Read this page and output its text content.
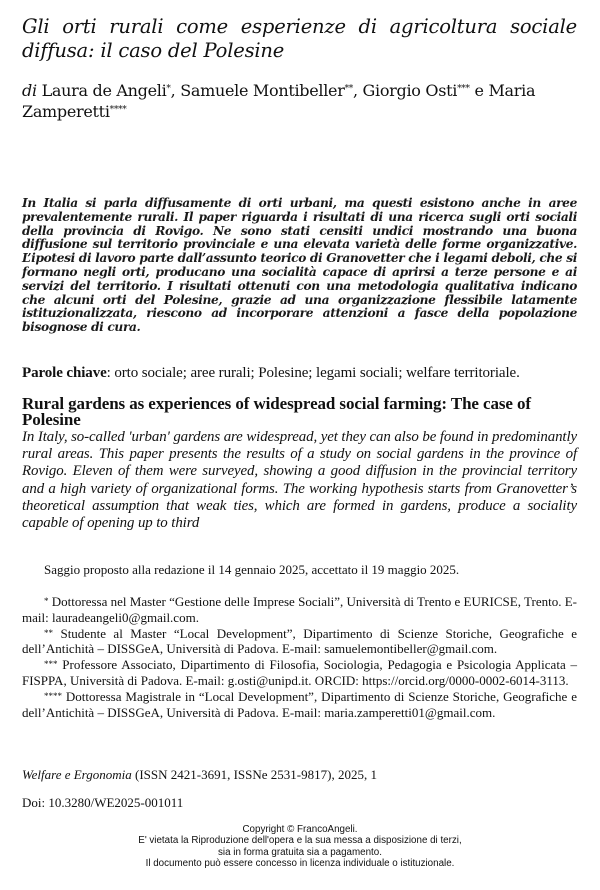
Gli orti rurali come esperienze di agricoltura sociale diffusa: il caso del Polesine
di Laura de Angeli*, Samuele Montibeller**, Giorgio Osti*** e Maria Zamperetti****

In Italia si parla diffusamente di orti urbani, ma questi esistono anche in aree prevalentemente rurali. Il paper riguarda i risultati di una ricerca sugli orti sociali della provincia di Rovigo. Ne sono stati censiti undici mostrando una buona diffusione sul territorio provinciale e una elevata varietà delle forme organizzative. L’ipotesi di lavoro parte dall’assunto teorico di Granovetter che i legami deboli, che si formano negli orti, producano una socialità capace di aprirsi a terze persone e ai servizi del territorio. I risultati ottenuti con una metodologia qualitativa indicano che alcuni orti del Polesine, grazie ad una organizzazione flessibile latamente istituzionalizzata, riescono ad incorporare attenzioni a fasce della popolazione bisognose di cura.

Parole chiave: orto sociale; aree rurali; Polesine; legami sociali; welfare territoriale.
Rural gardens as experiences of widespread social farming: The case of Polesine

In Italy, so-called 'urban' gardens are widespread, yet they can also be found in predominantly rural areas. This paper presents the results of a study on social gardens in the province of Rovigo. Eleven of them were surveyed, showing a good diffusion in the provincial territory and a high variety of organizational forms. The working hypothesis starts from Granovetter’s theoretical assumption that weak ties, which are formed in gardens, produce a sociality capable of opening up to third

Saggio proposto alla redazione il 14 gennaio 2025, accettato il 19 maggio 2025.

* Dottoressa nel Master “Gestione delle Imprese Sociali”, Università di Trento e EURICSE, Trento. E-mail: lauradeangeli0@gmail.com.

** Studente al Master “Local Development”, Dipartimento di Scienze Storiche, Geografiche e dell’Antichità – DISSGeA, Università di Padova. E-mail: samuelemontibeller@gmail.com.

*** Professore Associato, Dipartimento di Filosofia, Sociologia, Pedagogia e Psicologia Applicata – FISPPA, Università di Padova. E-mail: g.osti@unipd.it. ORCID: https://orcid.org/0000-0002-6014-3113.

**** Dottoressa Magistrale in “Local Development”, Dipartimento di Scienze Storiche, Geografiche e dell’Antichità – DISSGeA, Università di Padova. E-mail: maria.zamperetti01@gmail.com.

Welfare e Ergonomia (ISSN 2421-3691, ISSNe 2531-9817), 2025, 1
Doi: 10.3280/WE2025-001011
Copyright © FrancoAngeli.
E' vietata la Riproduzione dell'opera e la sua messa a disposizione di terzi,
sia in forma gratuita sia a pagamento.
Il documento può essere concesso in licenza individuale o istituzionale.
